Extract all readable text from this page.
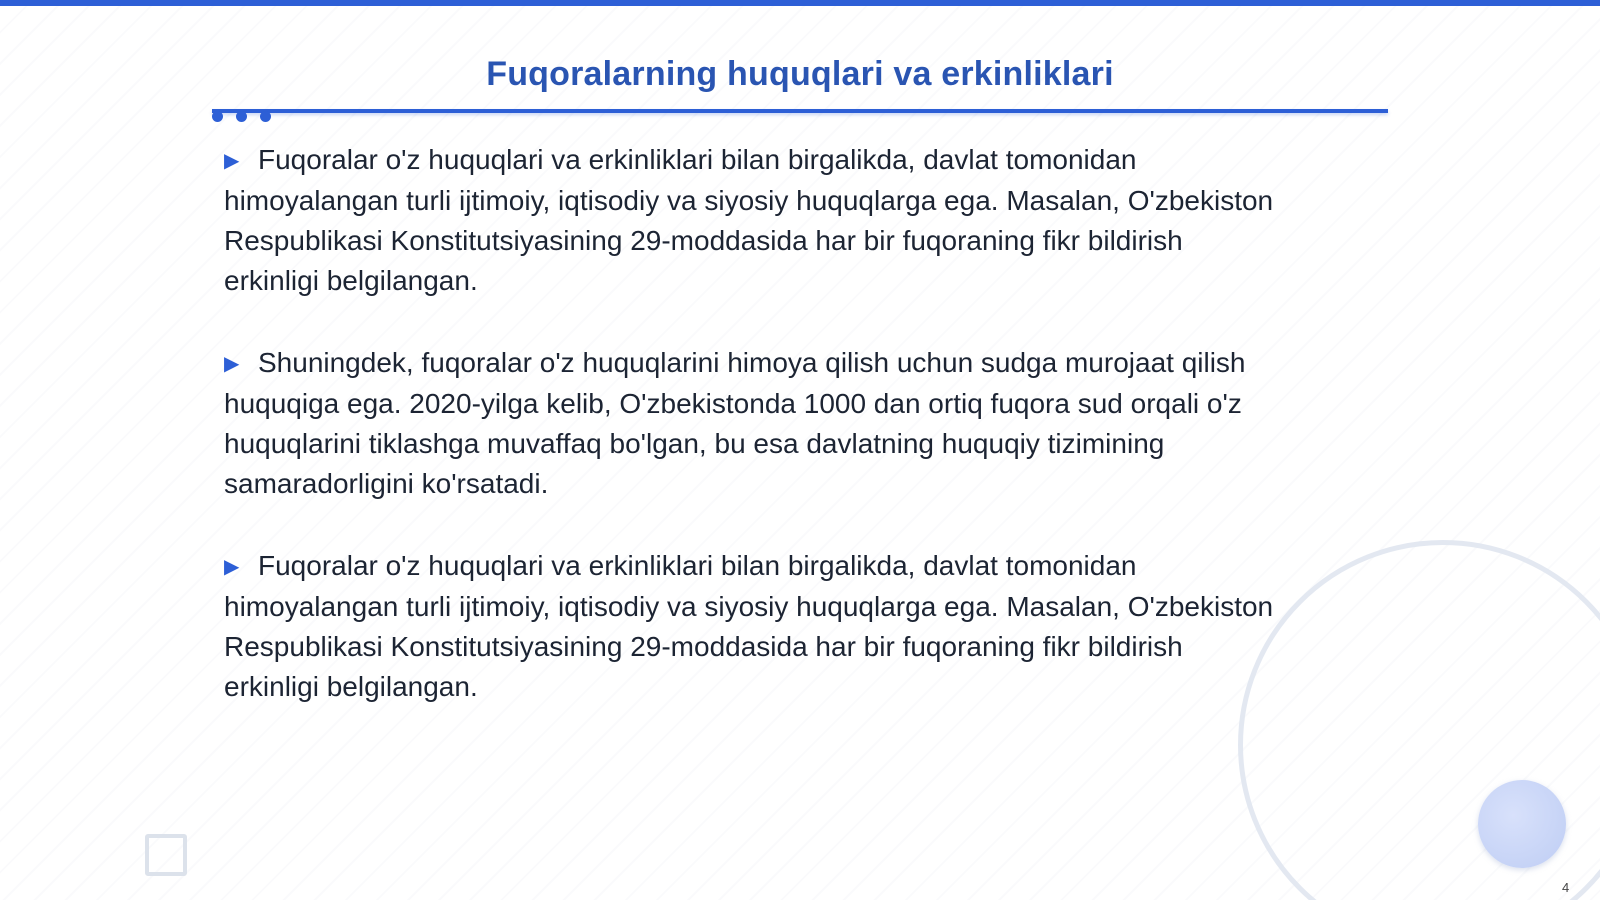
Fuqoralarning huquqlari va erkinliklari
▶ Fuqoralar o'z huquqlari va erkinliklari bilan birgalikda, davlat tomonidan
himoyalangan turli ijtimoiy, iqtisodiy va siyosiy huquqlarga ega. Masalan, O'zbekiston
Respublikasi Konstitutsiyasining 29-moddasida har bir fuqoraning fikr bildirish
erkinligi belgilangan.
▶ Shuningdek, fuqoralar o'z huquqlarini himoya qilish uchun sudga murojaat qilish
huquqiga ega. 2020-yilga kelib, O'zbekistonda 1000 dan ortiq fuqora sud orqali o'z
huquqlarini tiklashga muvaffaq bo'lgan, bu esa davlatning huquqiy tizimining
samaradorligini ko'rsatadi.
▶ Fuqoralar o'z huquqlari va erkinliklari bilan birgalikda, davlat tomonidan
himoyalangan turli ijtimoiy, iqtisodiy va siyosiy huquqlarga ega. Masalan, O'zbekiston
Respublikasi Konstitutsiyasining 29-moddasida har bir fuqoraning fikr bildirish
erkinligi belgilangan.
4
